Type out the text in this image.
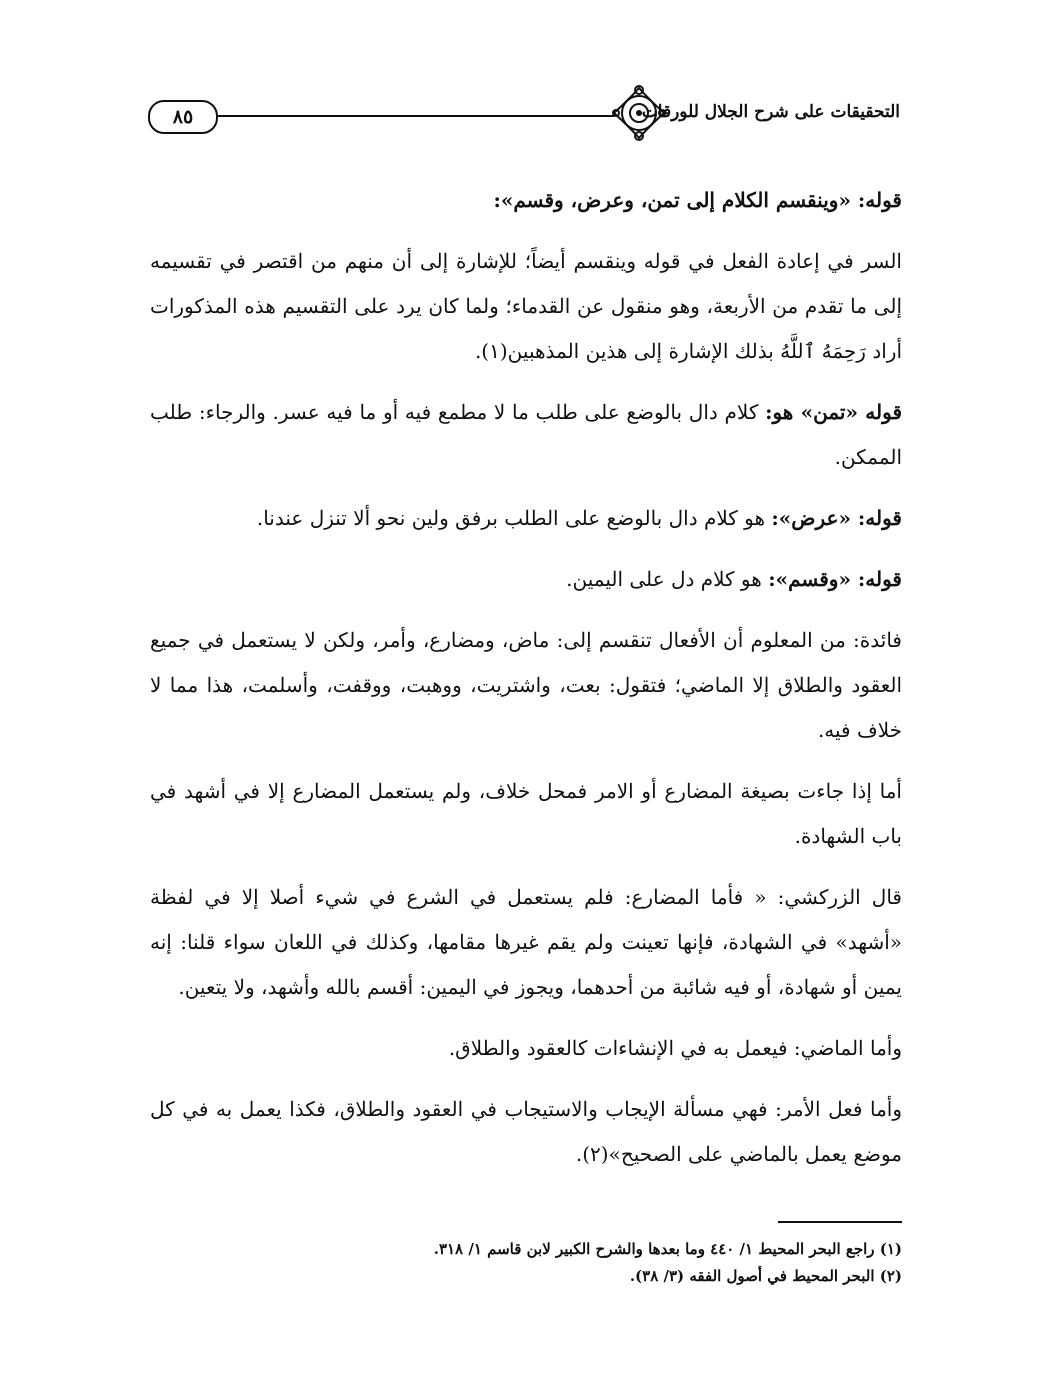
٨٥	التحقيقات على شرح الجلال للورقات

قوله: «وينقسم الكلام إلى تمن، وعرض، وقسم»:

السر في إعادة الفعل في قوله وينقسم أيضاً؛ للإشارة إلى أن منهم من اقتصر في تقسيمه إلى ما تقدم من الأربعة، وهو منقول عن القدماء؛ ولما كان يرد على التقسيم هذه المذكورات أراد رَحِمَهُ ٱللَّهُ بذلك الإشارة إلى هذين المذهبين(١).

قوله «تمن» هو: كلام دال بالوضع على طلب ما لا مطمع فيه أو ما فيه عسر. والرجاء: طلب الممكن.

قوله: «عرض»: هو كلام دال بالوضع على الطلب برفق ولين نحو ألا تنزل عندنا.

قوله: «وقسم»: هو كلام دل على اليمين.

فائدة: من المعلوم أن الأفعال تنقسم إلى: ماض، ومضارع، وأمر، ولكن لا يستعمل في جميع العقود والطلاق إلا الماضي؛ فتقول: بعت، واشتريت، ووهبت، ووقفت، وأسلمت، هذا مما لا خلاف فيه.

أما إذا جاءت بصيغة المضارع أو الامر فمحل خلاف، ولم يستعمل المضارع إلا في أشهد في باب الشهادة.

قال الزركشي: « فأما المضارع: فلم يستعمل في الشرع في شيء أصلا إلا في لفظة «أشهد» في الشهادة، فإنها تعينت ولم يقم غيرها مقامها، وكذلك في اللعان سواء قلنا: إنه يمين أو شهادة، أو فيه شائبة من أحدهما، ويجوز في اليمين: أقسم بالله وأشهد، ولا يتعين.

وأما الماضي: فيعمل به في الإنشاءات كالعقود والطلاق.

وأما فعل الأمر: فهي مسألة الإيجاب والاستيجاب في العقود والطلاق، فكذا يعمل به في كل موضع يعمل بالماضي على الصحيح»(٢).

(١) راجع البحر المحيط ١/ ٤٤٠ وما بعدها والشرح الكبير لابن قاسم ١/ ٣١٨.

(٢) البحر المحيط في أصول الفقه (٣/ ٣٨).
